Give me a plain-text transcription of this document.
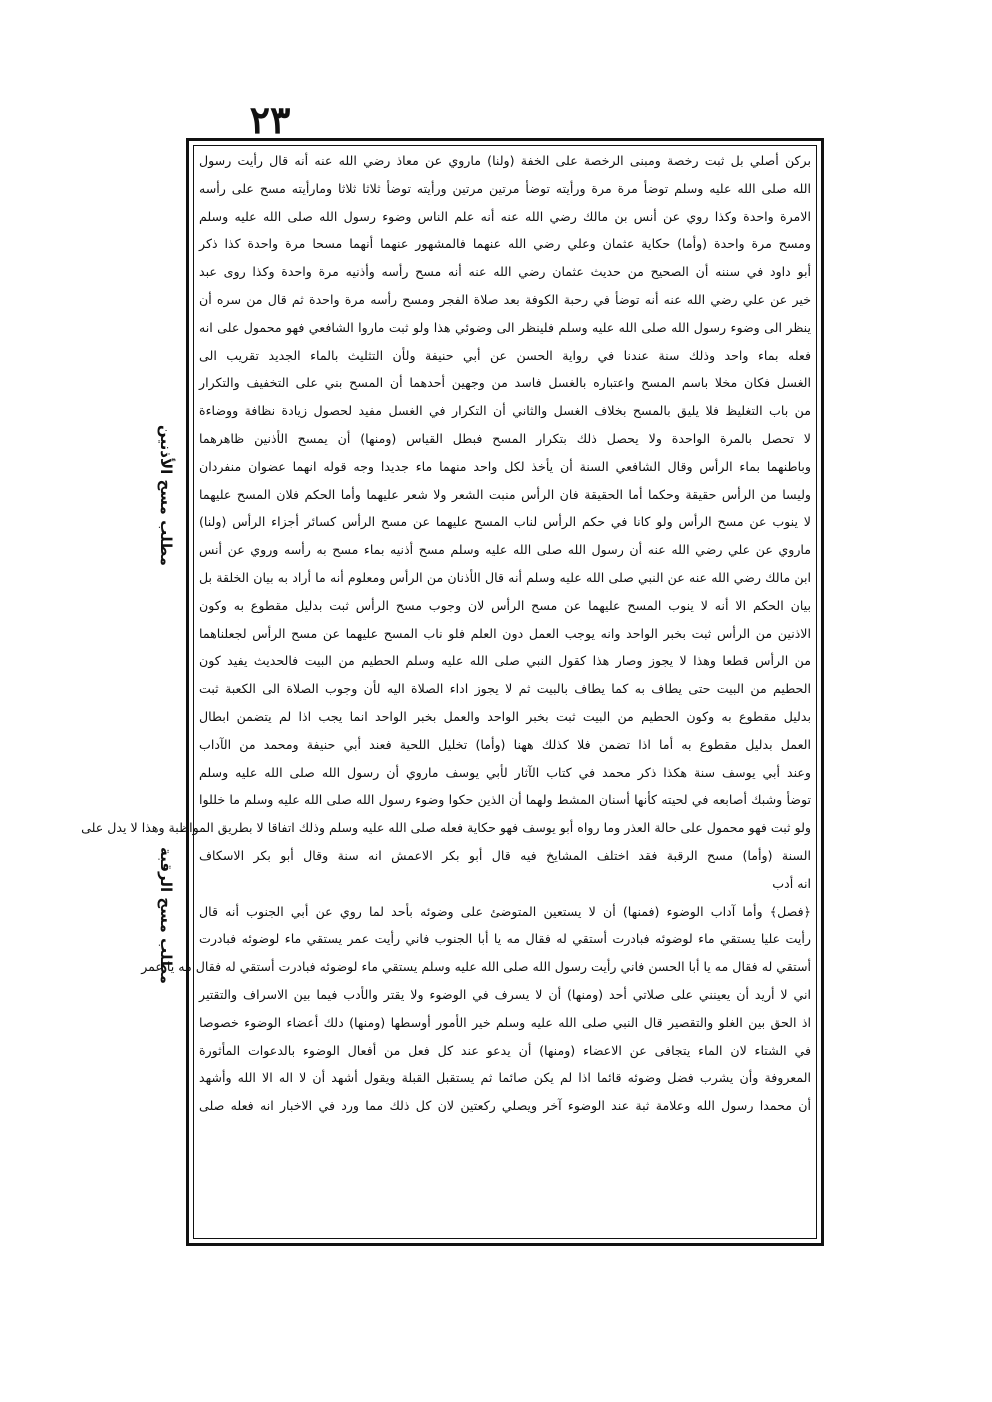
٢٣
مطلب مسح الأذنين
مطلب مسح الرقبة
بركن أصلي بل ثبت رخصة ومبنى الرخصة على الخفة (ولنا) ماروي عن معاذ رضي الله عنه أنه قال رأيت رسول
الله صلى الله عليه وسلم توضأ مرة مرة ورأيته توضأ مرتين مرتين ورأيته توضأ ثلاثا ثلاثا ومارأيته مسح على رأسه
الامرة واحدة وكذا روي عن أنس بن مالك رضي الله عنه أنه علم الناس وضوء رسول الله صلى الله عليه وسلم
ومسح مرة واحدة (وأما) حكاية عثمان وعلي رضي الله عنهما فالمشهور عنهما أنهما مسحا مرة واحدة كذا ذكر
أبو داود في سننه أن الصحيح من حديث عثمان رضي الله عنه أنه مسح رأسه وأذنيه مرة واحدة وكذا روى عبد
خير عن علي رضي الله عنه أنه توضأ في رحبة الكوفة بعد صلاة الفجر ومسح رأسه مرة واحدة ثم قال من سره أن
ينظر الى وضوء رسول الله صلى الله عليه وسلم فلينظر الى وضوئي هذا ولو ثبت ماروا الشافعي فهو محمول على انه
فعله بماء واحد وذلك سنة عندنا في رواية الحسن عن أبي حنيفة ولأن التثليث بالماء الجديد تقريب الى
الغسل فكان مخلا باسم المسح واعتباره بالغسل فاسد من وجهين أحدهما أن المسح بني على التخفيف والتكرار
من باب التغليظ فلا يليق بالمسح بخلاف الغسل والثاني أن التكرار في الغسل مفيد لحصول زيادة نظافة ووضاءة
لا تحصل بالمرة الواحدة ولا يحصل ذلك بتكرار المسح فبطل القياس (ومنها) أن يمسح الأذنين ظاهرهما
وباطنهما بماء الرأس وقال الشافعي السنة أن يأخذ لكل واحد منهما ماء جديدا وجه قوله انهما عضوان منفردان
وليسا من الرأس حقيقة وحكما أما الحقيقة فان الرأس منبت الشعر ولا شعر عليهما وأما الحكم فلان المسح عليهما
لا ينوب عن مسح الرأس ولو كانا في حكم الرأس لناب المسح عليهما عن مسح الرأس كسائر أجزاء الرأس (ولنا)
ماروي عن علي رضي الله عنه أن رسول الله صلى الله عليه وسلم مسح أذنيه بماء مسح به رأسه وروي عن أنس
ابن مالك رضي الله عنه عن النبي صلى الله عليه وسلم أنه قال الأذنان من الرأس ومعلوم أنه ما أراد به بيان الخلقة بل
بيان الحكم الا أنه لا ينوب المسح عليهما عن مسح الرأس لان وجوب مسح الرأس ثبت بدليل مقطوع به وكون
الاذنين من الرأس ثبت بخبر الواحد وانه يوجب العمل دون العلم فلو ناب المسح عليهما عن مسح الرأس لجعلناهما
من الرأس قطعا وهذا لا يجوز وصار هذا كقول النبي صلى الله عليه وسلم الحطيم من البيت فالحديث يفيد كون
الحطيم من البيت حتى يطاف به كما يطاف بالبيت ثم لا يجوز اداء الصلاة اليه لأن وجوب الصلاة الى الكعبة ثبت
بدليل مقطوع به وكون الحطيم من البيت ثبت بخبر الواحد والعمل بخبر الواحد انما يجب اذا لم يتضمن ابطال
العمل بدليل مقطوع به أما اذا تضمن فلا كذلك ههنا (وأما) تخليل اللحية فعند أبي حنيفة ومحمد من الآداب
وعند أبي يوسف سنة هكذا ذكر محمد في كتاب الآثار لأبي يوسف ماروي أن رسول الله صلى الله عليه وسلم
توضأ وشبك أصابعه في لحيته كأنها أسنان المشط ولهما أن الذين حكوا وضوء رسول الله صلى الله عليه وسلم ما خللوا
ولو ثبت فهو محمول على حالة العذر وما رواه أبو يوسف فهو حكاية فعله صلى الله عليه وسلم وذلك اتفاقا لا بطريق المواظبة وهذا لا يدل على
السنة (وأما) مسح الرقبة فقد اختلف المشايخ فيه قال أبو بكر الاعمش انه سنة وقال أبو بكر الاسكاف
انه أدب
﴿فصل﴾ وأما آداب الوضوء (فمنها) أن لا يستعين المتوضئ على وضوئه بأحد لما روي عن أبي الجنوب أنه قال
رأيت عليا يستقي ماء لوضوئه فبادرت أستقي له فقال مه يا أبا الجنوب فاني رأيت عمر يستقي ماء لوضوئه فبادرت
أستقي له فقال مه يا أبا الحسن فاني رأيت رسول الله صلى الله عليه وسلم يستقي ماء لوضوئه فبادرت أستقي له فقال مه يا عمر
اني لا أريد أن يعينني على صلاتي أحد (ومنها) أن لا يسرف في الوضوء ولا يقتر والأدب فيما بين الاسراف والتقتير
اذ الحق بين الغلو والتقصير قال النبي صلى الله عليه وسلم خير الأمور أوسطها (ومنها) دلك أعضاء الوضوء خصوصا
في الشتاء لان الماء يتجافى عن الاعضاء (ومنها) أن يدعو عند كل فعل من أفعال الوضوء بالدعوات المأثورة
المعروفة وأن يشرب فضل وضوئه قائما اذا لم يكن صائما ثم يستقبل القبلة ويقول أشهد أن لا اله الا الله وأشهد
أن محمدا رسول الله وعلامة ثبة عند الوضوء آخر ويصلي ركعتين لان كل ذلك مما ورد في الاخبار انه فعله صلى
